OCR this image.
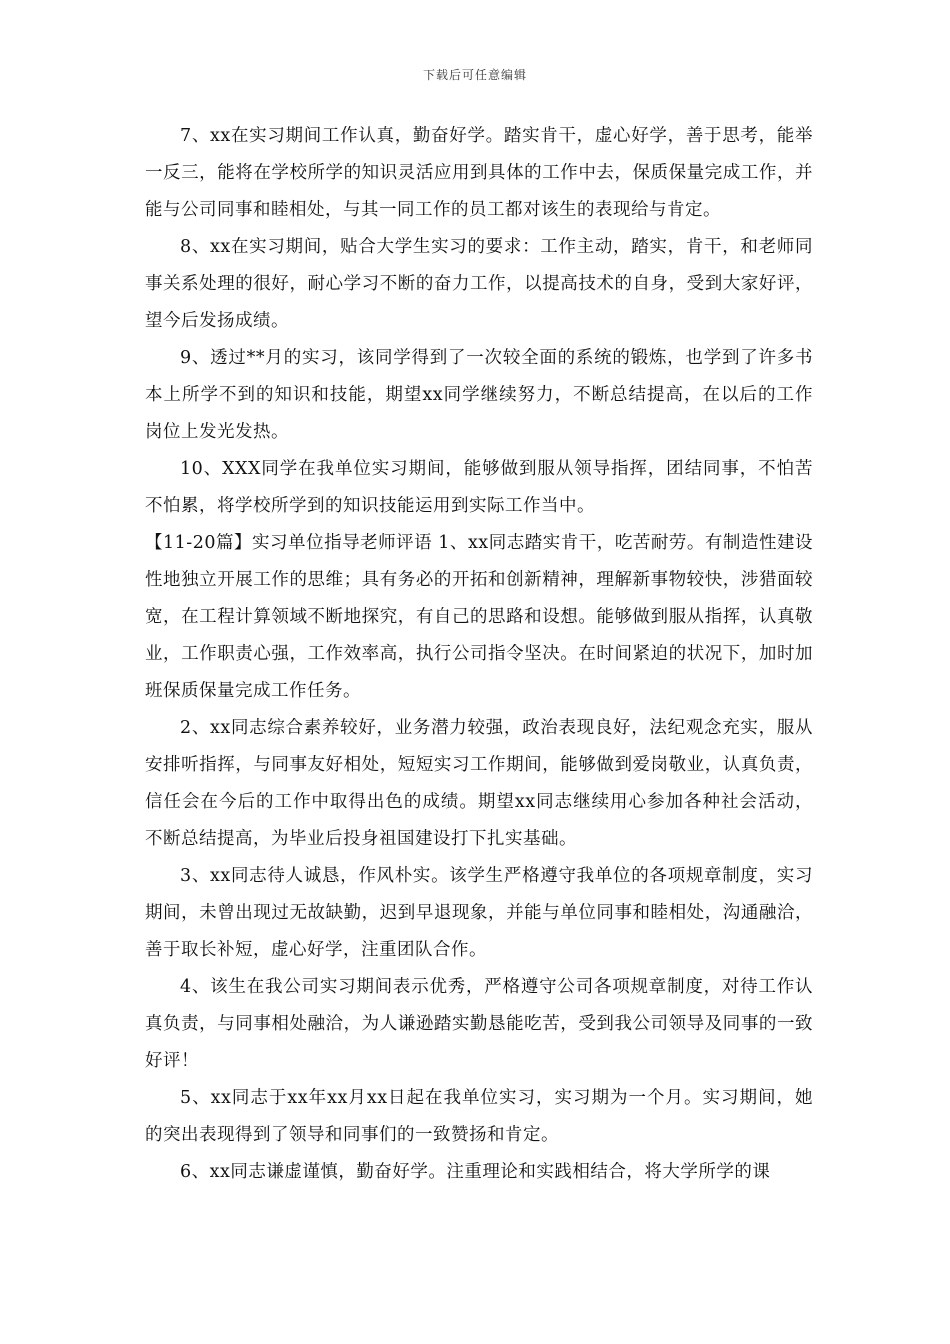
下载后可任意编辑

7、xx在实习期间工作认真，勤奋好学。踏实肯干，虚心好学，善于思考，能举一反三，能将在学校所学的知识灵活应用到具体的工作中去，保质保量完成工作，并能与公司同事和睦相处，与其一同工作的员工都对该生的表现给与肯定。

8、xx在实习期间，贴合大学生实习的要求：工作主动，踏实，肯干，和老师同事关系处理的很好，耐心学习不断的奋力工作，以提高技术的自身，受到大家好评，望今后发扬成绩。

9、透过**月的实习，该同学得到了一次较全面的系统的锻炼，也学到了许多书本上所学不到的知识和技能，期望xx同学继续努力，不断总结提高，在以后的工作岗位上发光发热。

10、XXX同学在我单位实习期间，能够做到服从领导指挥，团结同事，不怕苦不怕累，将学校所学到的知识技能运用到实际工作当中。

【11-20篇】实习单位指导老师评语 1、xx同志踏实肯干，吃苦耐劳。有制造性建设性地独立开展工作的思维；具有务必的开拓和创新精神，理解新事物较快，涉猎面较宽，在工程计算领域不断地探究，有自己的思路和设想。能够做到服从指挥，认真敬业，工作职责心强，工作效率高，执行公司指令坚决。在时间紧迫的状况下，加时加班保质保量完成工作任务。

2、xx同志综合素养较好，业务潜力较强，政治表现良好，法纪观念充实，服从安排听指挥，与同事友好相处，短短实习工作期间，能够做到爱岗敬业，认真负责，信任会在今后的工作中取得出色的成绩。期望xx同志继续用心参加各种社会活动，不断总结提高，为毕业后投身祖国建设打下扎实基础。

3、xx同志待人诚恳，作风朴实。该学生严格遵守我单位的各项规章制度，实习期间，未曾出现过无故缺勤，迟到早退现象，并能与单位同事和睦相处，沟通融洽，善于取长补短，虚心好学，注重团队合作。

4、该生在我公司实习期间表示优秀，严格遵守公司各项规章制度，对待工作认真负责，与同事相处融洽，为人谦逊踏实勤恳能吃苦，受到我公司领导及同事的一致好评！

5、xx同志于xx年xx月xx日起在我单位实习，实习期为一个月。实习期间，她的突出表现得到了领导和同事们的一致赞扬和肯定。

6、xx同志谦虚谨慎，勤奋好学。注重理论和实践相结合，将大学所学的课
